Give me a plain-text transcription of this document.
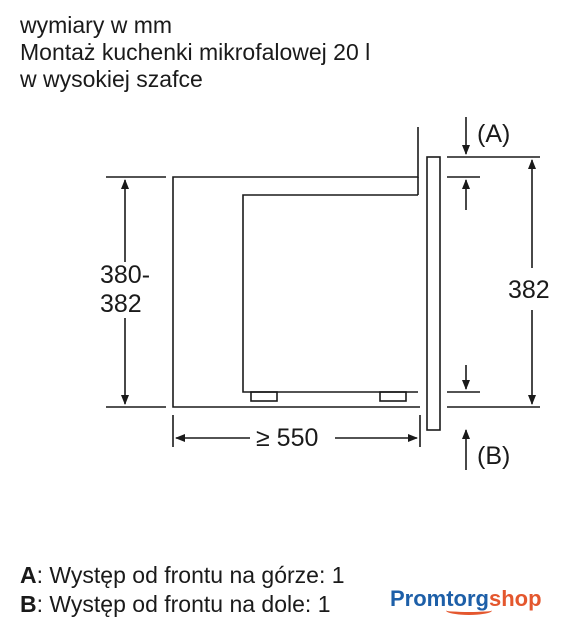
wymiary w mm
Montaż kuchenki mikrofalowej 20 l
w wysokiej szafce
380-
382	382
≥ 550
(A)
(B)
A: Występ od frontu na górze: 1
B: Występ od frontu na dole: 1	Promtorgshop
